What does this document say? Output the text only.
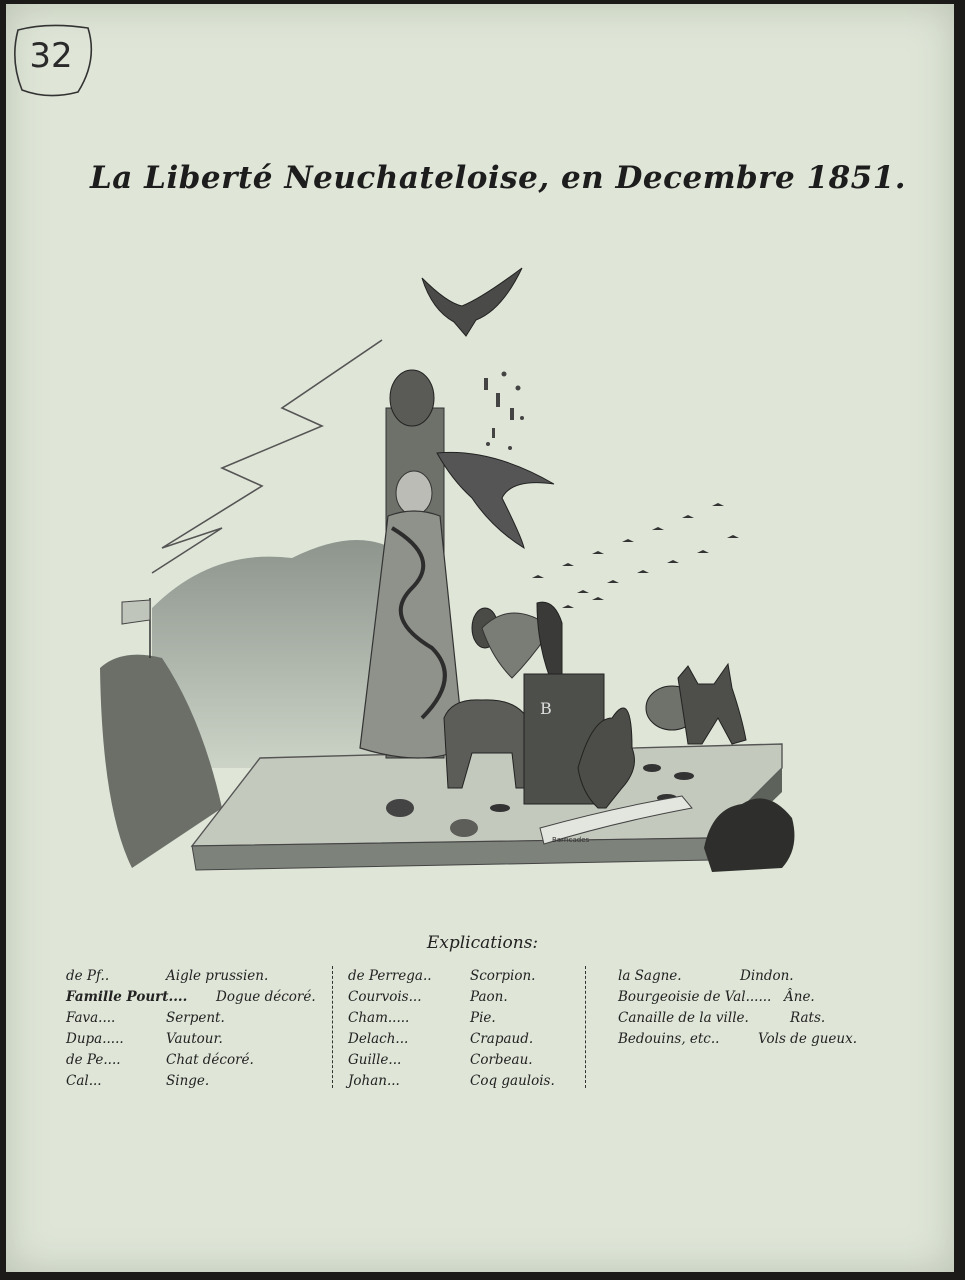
32
La Liberté Neuchateloise, en Decembre 1851.
B
Barricades
Explications:
de Pf..	Aigle prussien.
Famille Pourt.... Dogue décoré.
Fava....	Serpent.
Dupa.....	Vautour.
de Pe....	Chat décoré.
Cal...	Singe.
de Perrega..	Scorpion.
Courvois...	Paon.
Cham.....	Pie.
Delach...	Crapaud.
Guille...	Corbeau.
Johan...	Coq gaulois.
la Sagne.	Dindon.
Bourgeoisie de Val...... Âne.
Canaille de la ville.	Rats.
Bedouins, etc..	Vols de gueux.
